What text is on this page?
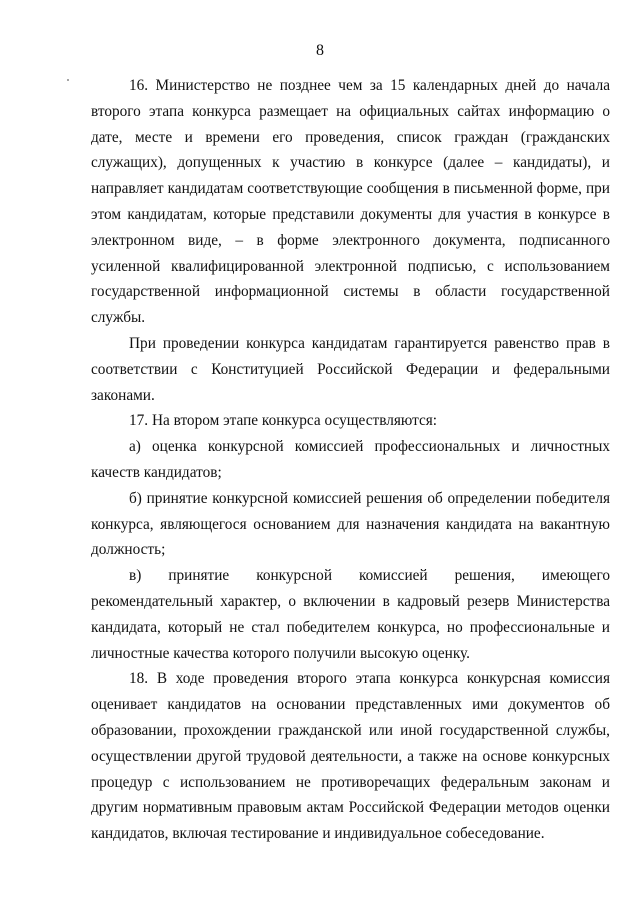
8

16. Министерство не позднее чем за 15 календарных дней до начала второго этапа конкурса размещает на официальных сайтах информацию о дате, месте и времени его проведения, список граждан (гражданских служащих), допущенных к участию в конкурсе (далее – кандидаты), и направляет кандидатам соответствующие сообщения в письменной форме, при этом кандидатам, которые представили документы для участия в конкурсе в электронном виде, – в форме электронного документа, подписанного усиленной квалифицированной электронной подписью, с использованием государственной информационной системы в области государственной службы.

При проведении конкурса кандидатам гарантируется равенство прав в соответствии с Конституцией Российской Федерации и федеральными законами.

17. На втором этапе конкурса осуществляются:

а) оценка конкурсной комиссией профессиональных и личностных качеств кандидатов;

б) принятие конкурсной комиссией решения об определении победителя конкурса, являющегося основанием для назначения кандидата на вакантную должность;

в) принятие конкурсной комиссией решения, имеющего рекомендательный характер, о включении в кадровый резерв Министерства кандидата, который не стал победителем конкурса, но профессиональные и личностные качества которого получили высокую оценку.

18. В ходе проведения второго этапа конкурса конкурсная комиссия оценивает кандидатов на основании представленных ими документов об образовании, прохождении гражданской или иной государственной службы, осуществлении другой трудовой деятельности, а также на основе конкурсных процедур с использованием не противоречащих федеральным законам и другим нормативным правовым актам Российской Федерации методов оценки кандидатов, включая тестирование и индивидуальное собеседование.
